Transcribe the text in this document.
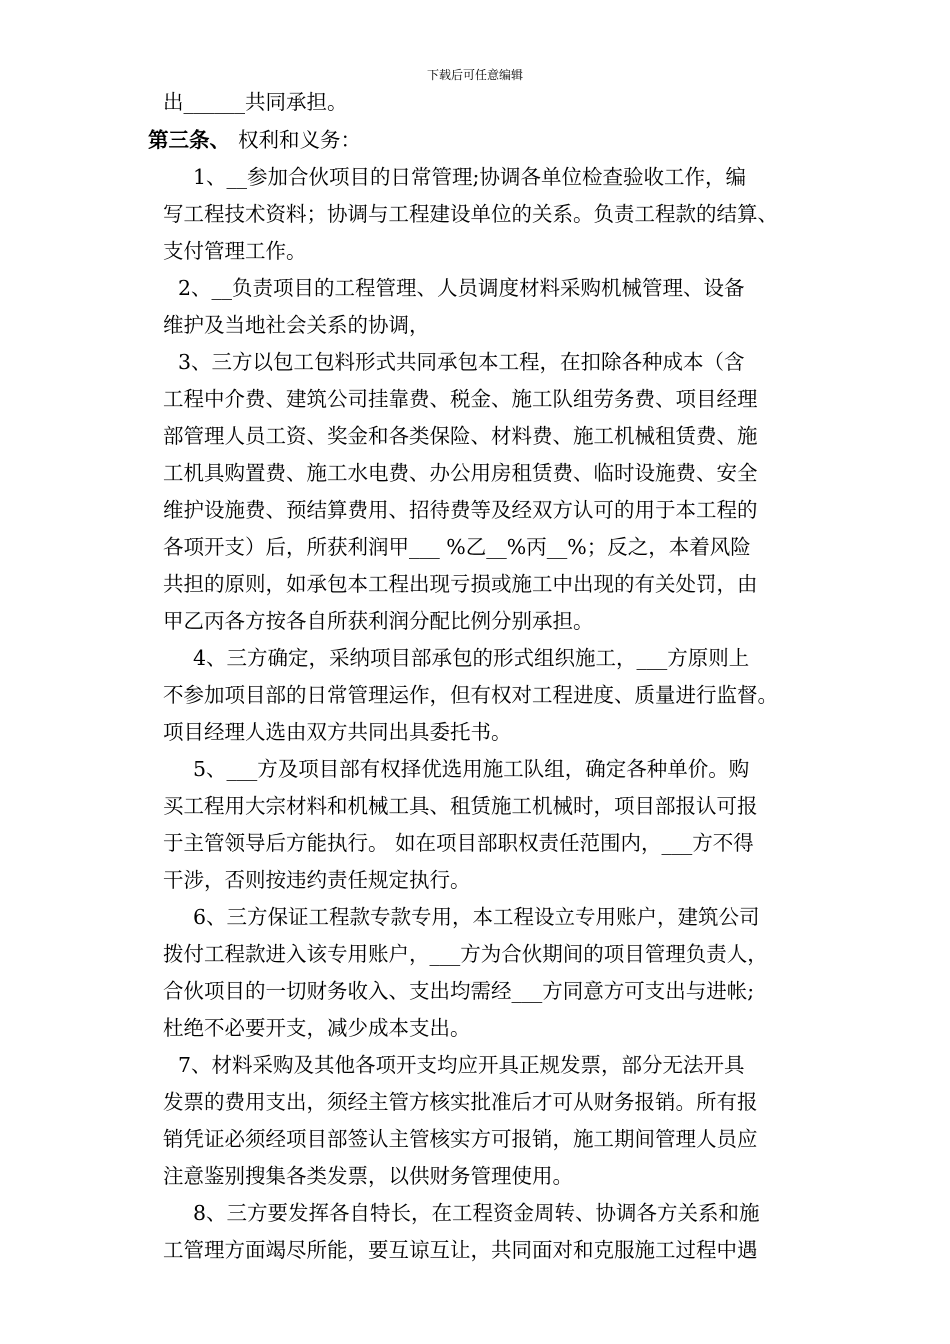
下载后可任意编辑
出______共同承担。
第三条、 权利和义务：
1、__参加合伙项目的日常管理;协调各单位检查验收工作，编
写工程技术资料；协调与工程建设单位的关系。负责工程款的结算、
支付管理工作。
2、__负责项目的工程管理、人员调度材料采购机械管理、设备
维护及当地社会关系的协调，
3、三方以包工包料形式共同承包本工程，在扣除各种成本（含
工程中介费、建筑公司挂靠费、税金、施工队组劳务费、项目经理
部管理人员工资、奖金和各类保险、材料费、施工机械租赁费、施
工机具购置费、施工水电费、办公用房租赁费、临时设施费、安全
维护设施费、预结算费用、招待费等及经双方认可的用于本工程的
各项开支）后，所获利润甲___ %乙__%丙__%；反之，本着风险
共担的原则，如承包本工程出现亏损或施工中出现的有关处罚，由
甲乙丙各方按各自所获利润分配比例分别承担。
4、三方确定，采纳项目部承包的形式组织施工，___方原则上
不参加项目部的日常管理运作，但有权对工程进度、质量进行监督。
项目经理人选由双方共同出具委托书。
5、___方及项目部有权择优选用施工队组，确定各种单价。购
买工程用大宗材料和机械工具、租赁施工机械时，项目部报认可报
于主管领导后方能执行。 如在项目部职权责任范围内，___方不得
干涉，否则按违约责任规定执行。
6、三方保证工程款专款专用，本工程设立专用账户，建筑公司
拨付工程款进入该专用账户，___方为合伙期间的项目管理负责人，
合伙项目的一切财务收入、支出均需经___方同意方可支出与进帐;
杜绝不必要开支，减少成本支出。
7、材料采购及其他各项开支均应开具正规发票，部分无法开具
发票的费用支出，须经主管方核实批准后才可从财务报销。所有报
销凭证必须经项目部签认主管核实方可报销，施工期间管理人员应
注意鉴别搜集各类发票，以供财务管理使用。
8、三方要发挥各自特长，在工程资金周转、协调各方关系和施
工管理方面竭尽所能，要互谅互让，共同面对和克服施工过程中遇
